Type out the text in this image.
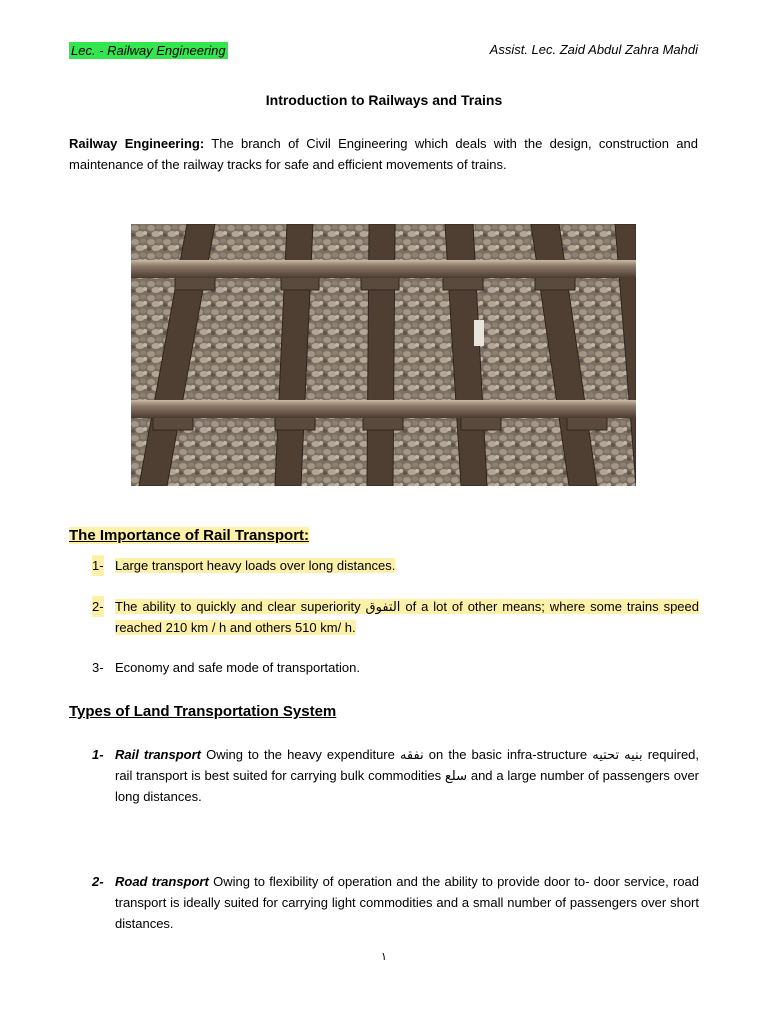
Lec. - Railway Engineering	Assist. Lec. Zaid Abdul Zahra Mahdi
Introduction to Railways and Trains
Railway Engineering: The branch of Civil Engineering which deals with the design, construction and maintenance of the railway tracks for safe and efficient movements of trains.
The Importance of Rail Transport:
1- Large transport heavy loads over long distances.
2- The ability to quickly and clear superiority التفوق of a lot of other means; where some trains speed reached 210 km / h and others 510 km/ h.
3- Economy and safe mode of transportation.
Types of Land Transportation System
1- Rail transport Owing to the heavy expenditure نفقه on the basic infra-structure بنيه تحتيه required, rail transport is best suited for carrying bulk commodities سلع and a large number of passengers over long distances.
2- Road transport Owing to flexibility of operation and the ability to provide door to- door service, road transport is ideally suited for carrying light commodities and a small number of passengers over short distances.
١
